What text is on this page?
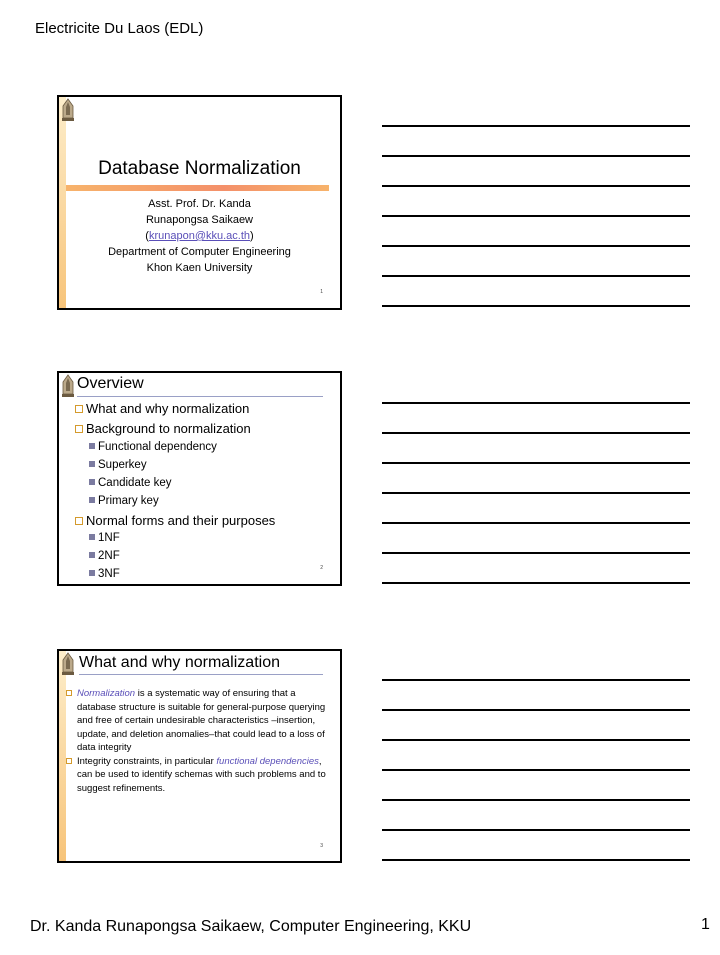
Electricite Du Laos (EDL)
Database Normalization
Asst. Prof. Dr. Kanda
Runapongsa Saikaew
(krunapon@kku.ac.th)
Department of Computer Engineering
Khon Kaen University
1
Overview
What and why normalization
Background to normalization
Functional dependency
Superkey
Candidate key
Primary key
Normal forms and their purposes
1NF
2NF
3NF	2
What and why normalization
Normalization is a systematic way of ensuring that a database structure is suitable for general-purpose querying and free of certain undesirable characteristics –insertion, update, and deletion anomalies–that could lead to a loss of data integrity
Integrity constraints, in particular functional dependencies, can be used to identify schemas with such problems and to suggest refinements.
3
Dr. Kanda Runapongsa Saikaew, Computer Engineering, KKU	1
